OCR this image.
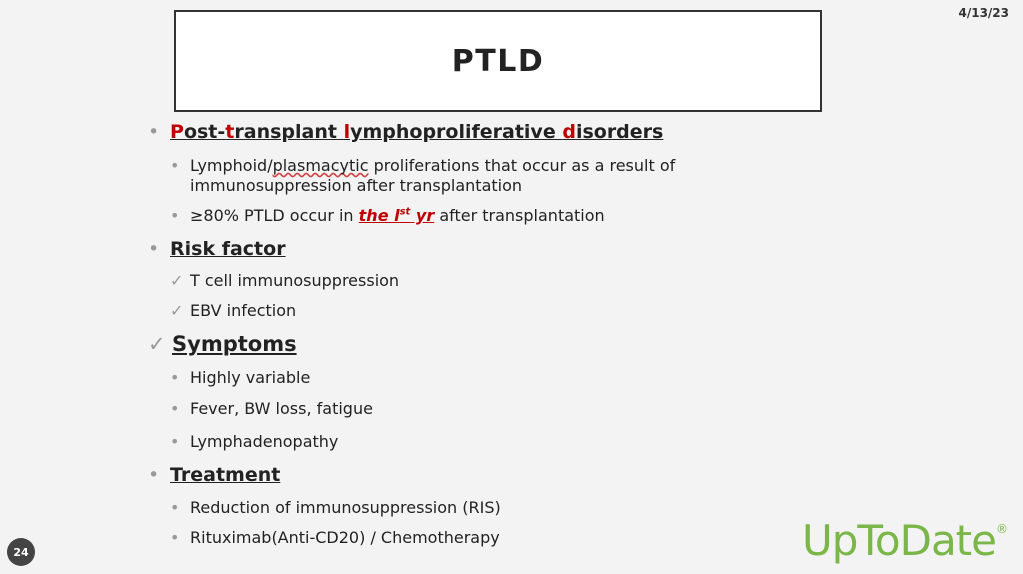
4/13/23
PTLD
• Post-transplant lymphoproliferative disorders
• Lymphoid/plasmacytic proliferations that occur as a result of
immunosuppression after transplantation
• ≥80% PTLD occur in the $l^{st}$ yr after transplantation
• Risk factor
✓ T cell immunosuppression
✓ EBV infection
✓ Symptoms
• Highly variable
• Fever, BW loss, fatigue
• Lymphadenopathy
• Treatment
• Reduction of immunosuppression (RIS)
• Rituximab(Anti-CD20) / Chemotherapy
24	UpToDate®
